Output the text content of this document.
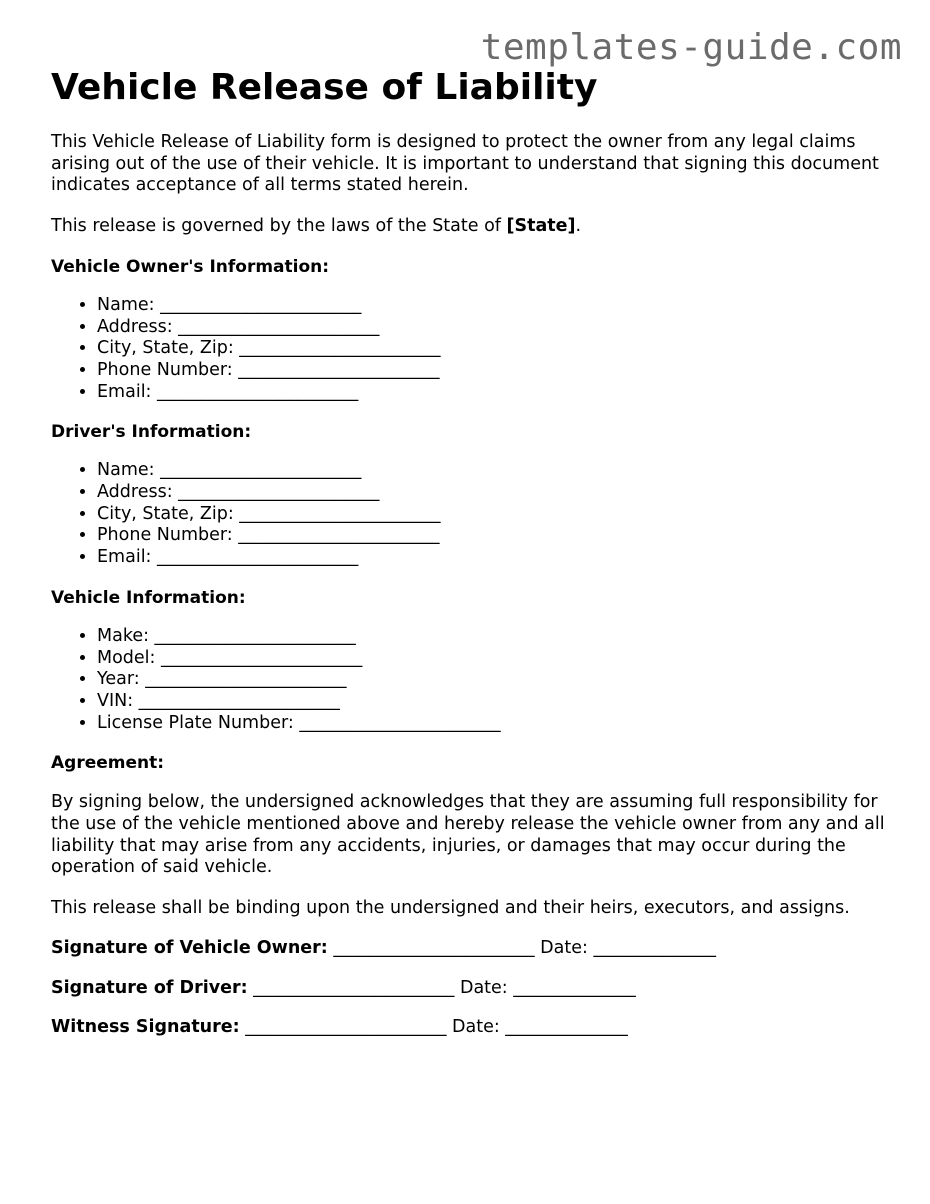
templates-guide.com
Vehicle Release of Liability

This Vehicle Release of Liability form is designed to protect the owner from any legal claims arising out of the use of their vehicle. It is important to understand that signing this document indicates acceptance of all terms stated herein.

This release is governed by the laws of the State of [State].

Vehicle Owner's Information:
• Name: _______________________
• Address: _______________________
• City, State, Zip: _______________________
• Phone Number: _______________________
• Email: _______________________
Driver's Information:
• Name: _______________________
• Address: _______________________
• City, State, Zip: _______________________
• Phone Number: _______________________
• Email: _______________________
Vehicle Information:
• Make: _______________________
• Model: _______________________
• Year: _______________________
• VIN: _______________________
• License Plate Number: _______________________
Agreement:

By signing below, the undersigned acknowledges that they are assuming full responsibility for the use of the vehicle mentioned above and hereby release the vehicle owner from any and all liability that may arise from any accidents, injuries, or damages that may occur during the operation of said vehicle.

This release shall be binding upon the undersigned and their heirs, executors, and assigns.

Signature of Vehicle Owner: _______________________ Date: ______________
Signature of Driver: _______________________ Date: ______________
Witness Signature: _______________________ Date: ______________
